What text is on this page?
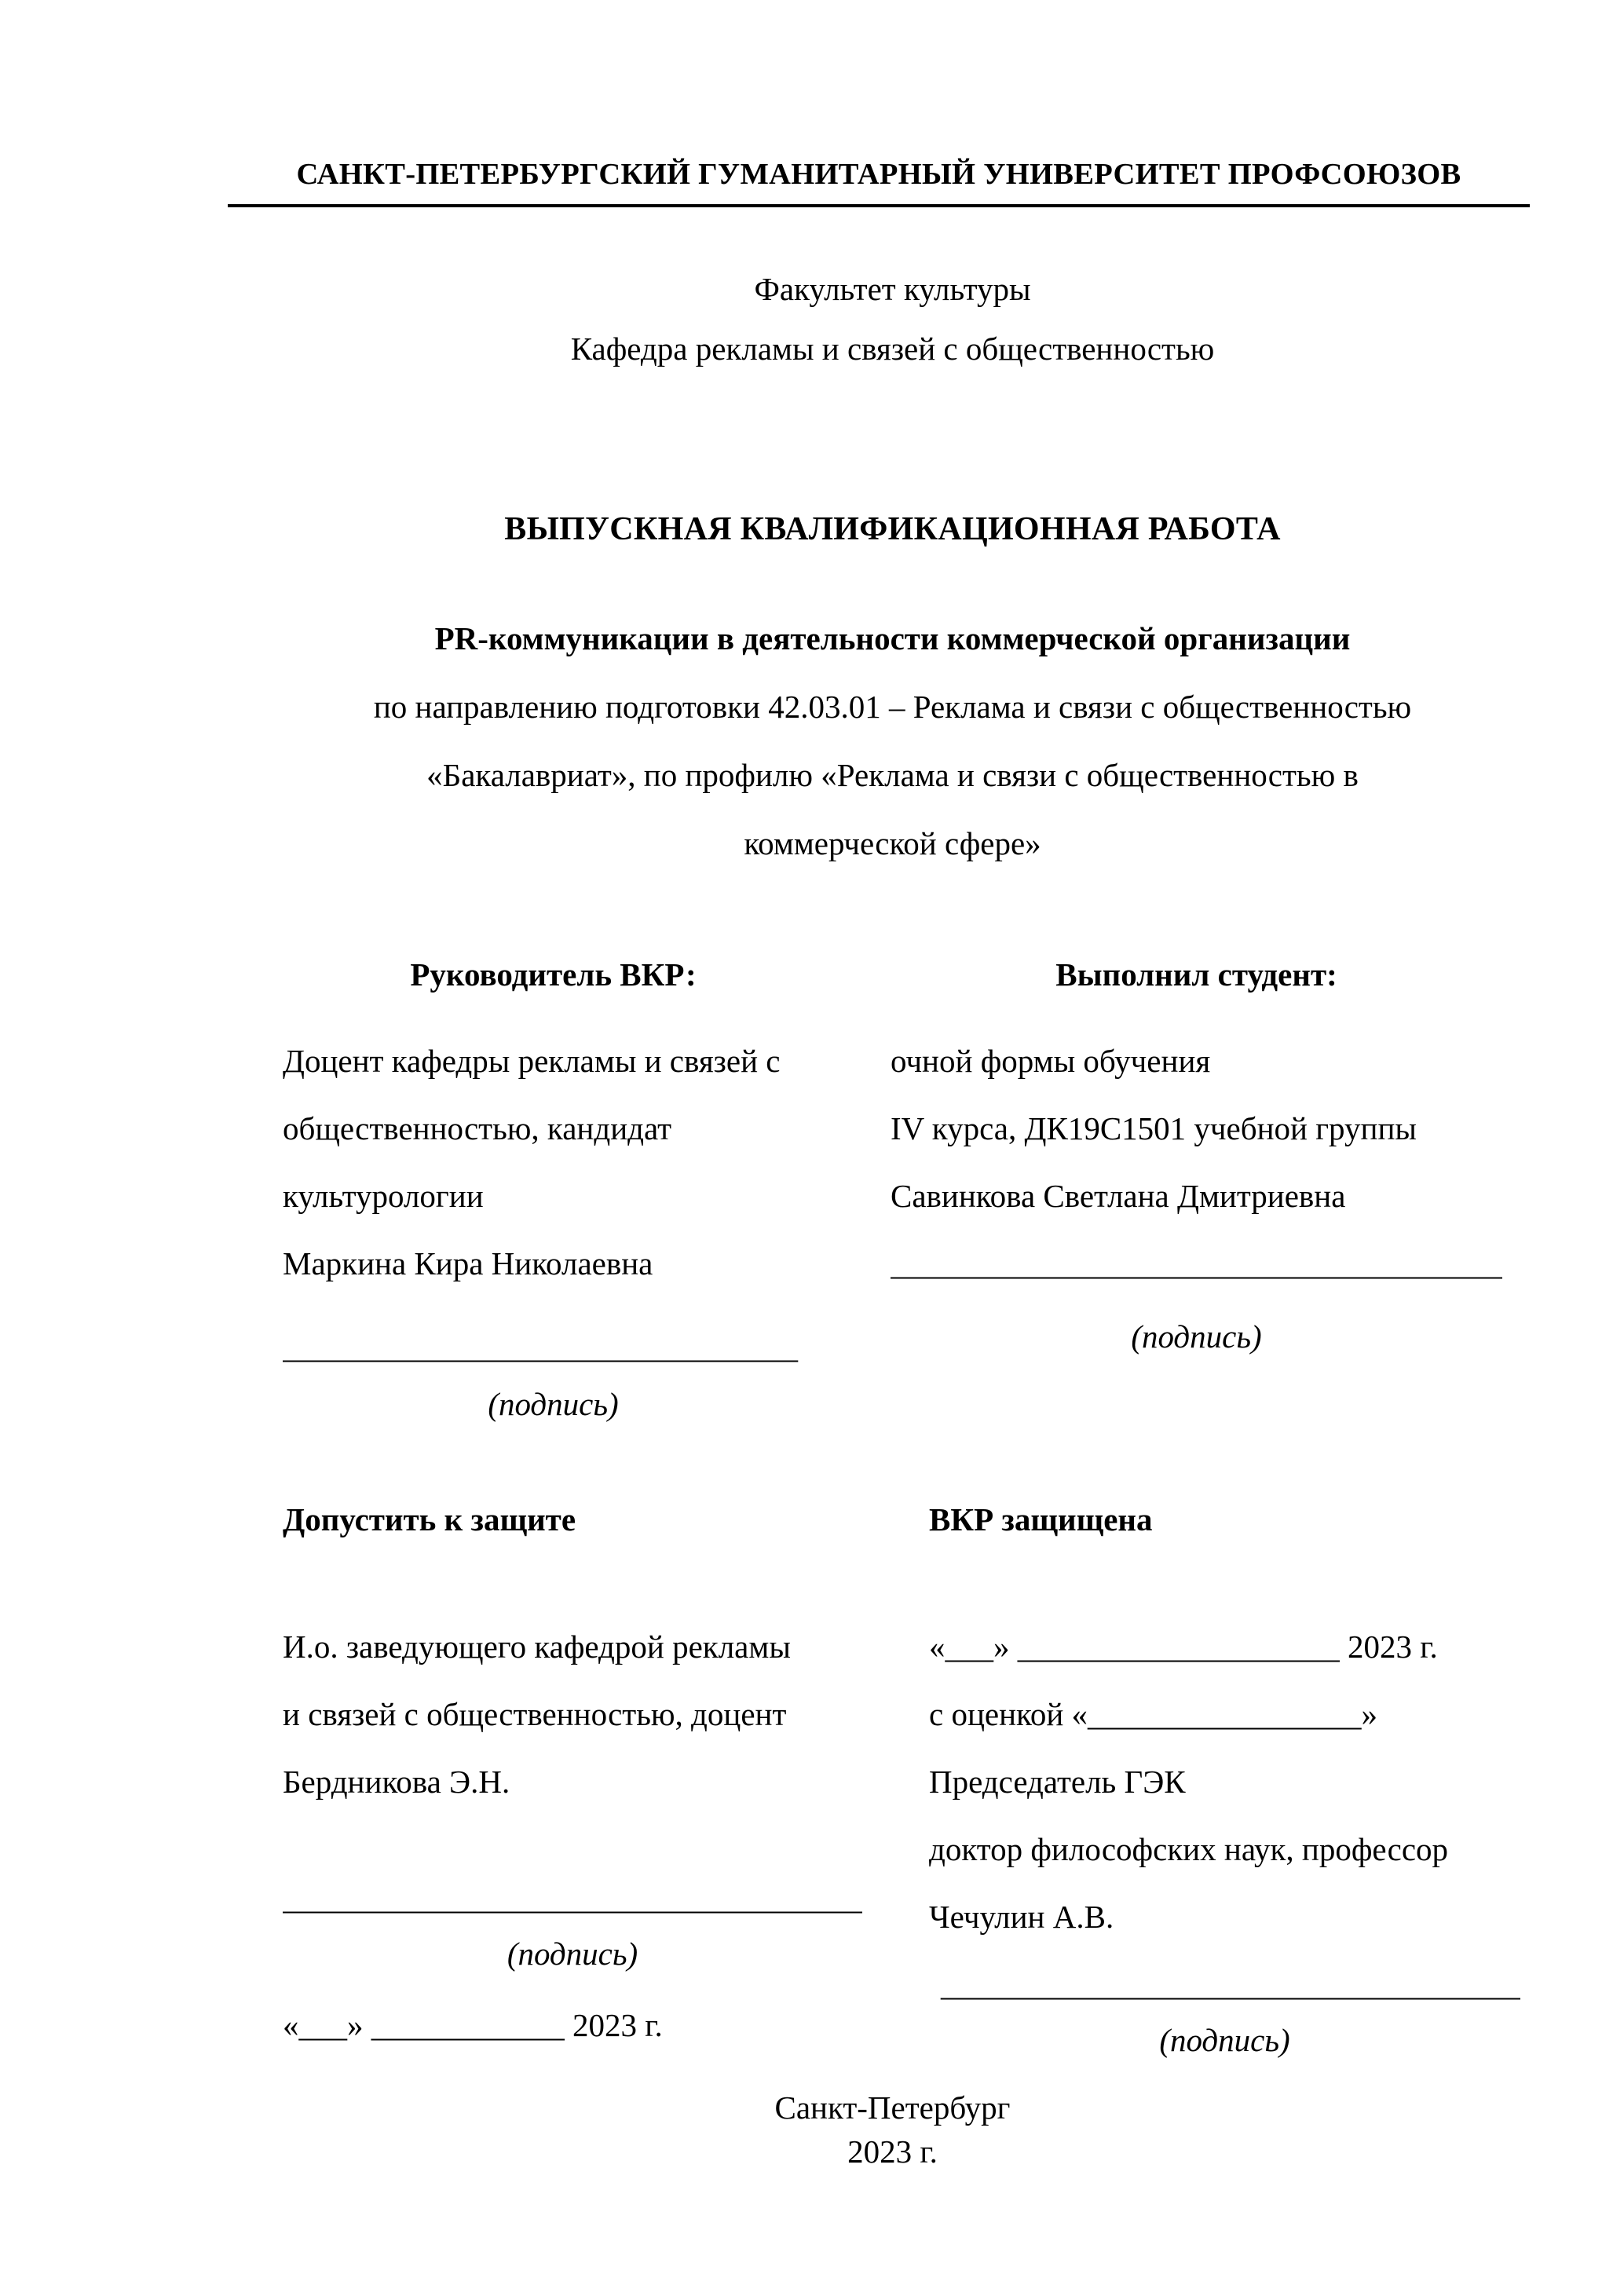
САНКТ-ПЕТЕРБУРГСКИЙ ГУМАНИТАРНЫЙ УНИВЕРСИТЕТ ПРОФСОЮЗОВ
Факультет культуры
Кафедра рекламы и связей с общественностью
ВЫПУСКНАЯ КВАЛИФИКАЦИОННАЯ РАБОТА
PR-коммуникации в деятельности коммерческой организации
по направлению подготовки 42.03.01 – Реклама и связи с общественностью
«Бакалавриат», по профилю «Реклама и связи с общественностью в
коммерческой сфере»
Руководитель ВКР:
Доцент кафедры рекламы и связей с
общественностью, кандидат
культурологии
Маркина Кира Николаевна
________________________________
(подпись)
Выполнил студент:
очной формы обучения
IV курса, ДК19С1501 учебной группы
Савинкова Светлана Дмитриевна
______________________________________
(подпись)
Допустить к защите
И.о. заведующего кафедрой рекламы
и связей с общественностью, доцент
Бердникова Э.Н.
____________________________________
(подпись)
«___» ____________ 2023 г.
ВКР защищена
«___» ____________________ 2023 г.
с оценкой «_________________»
Председатель ГЭК
доктор философских наук, профессор
Чечулин А.В.
____________________________________
(подпись)
Санкт-Петербург
2023 г.
